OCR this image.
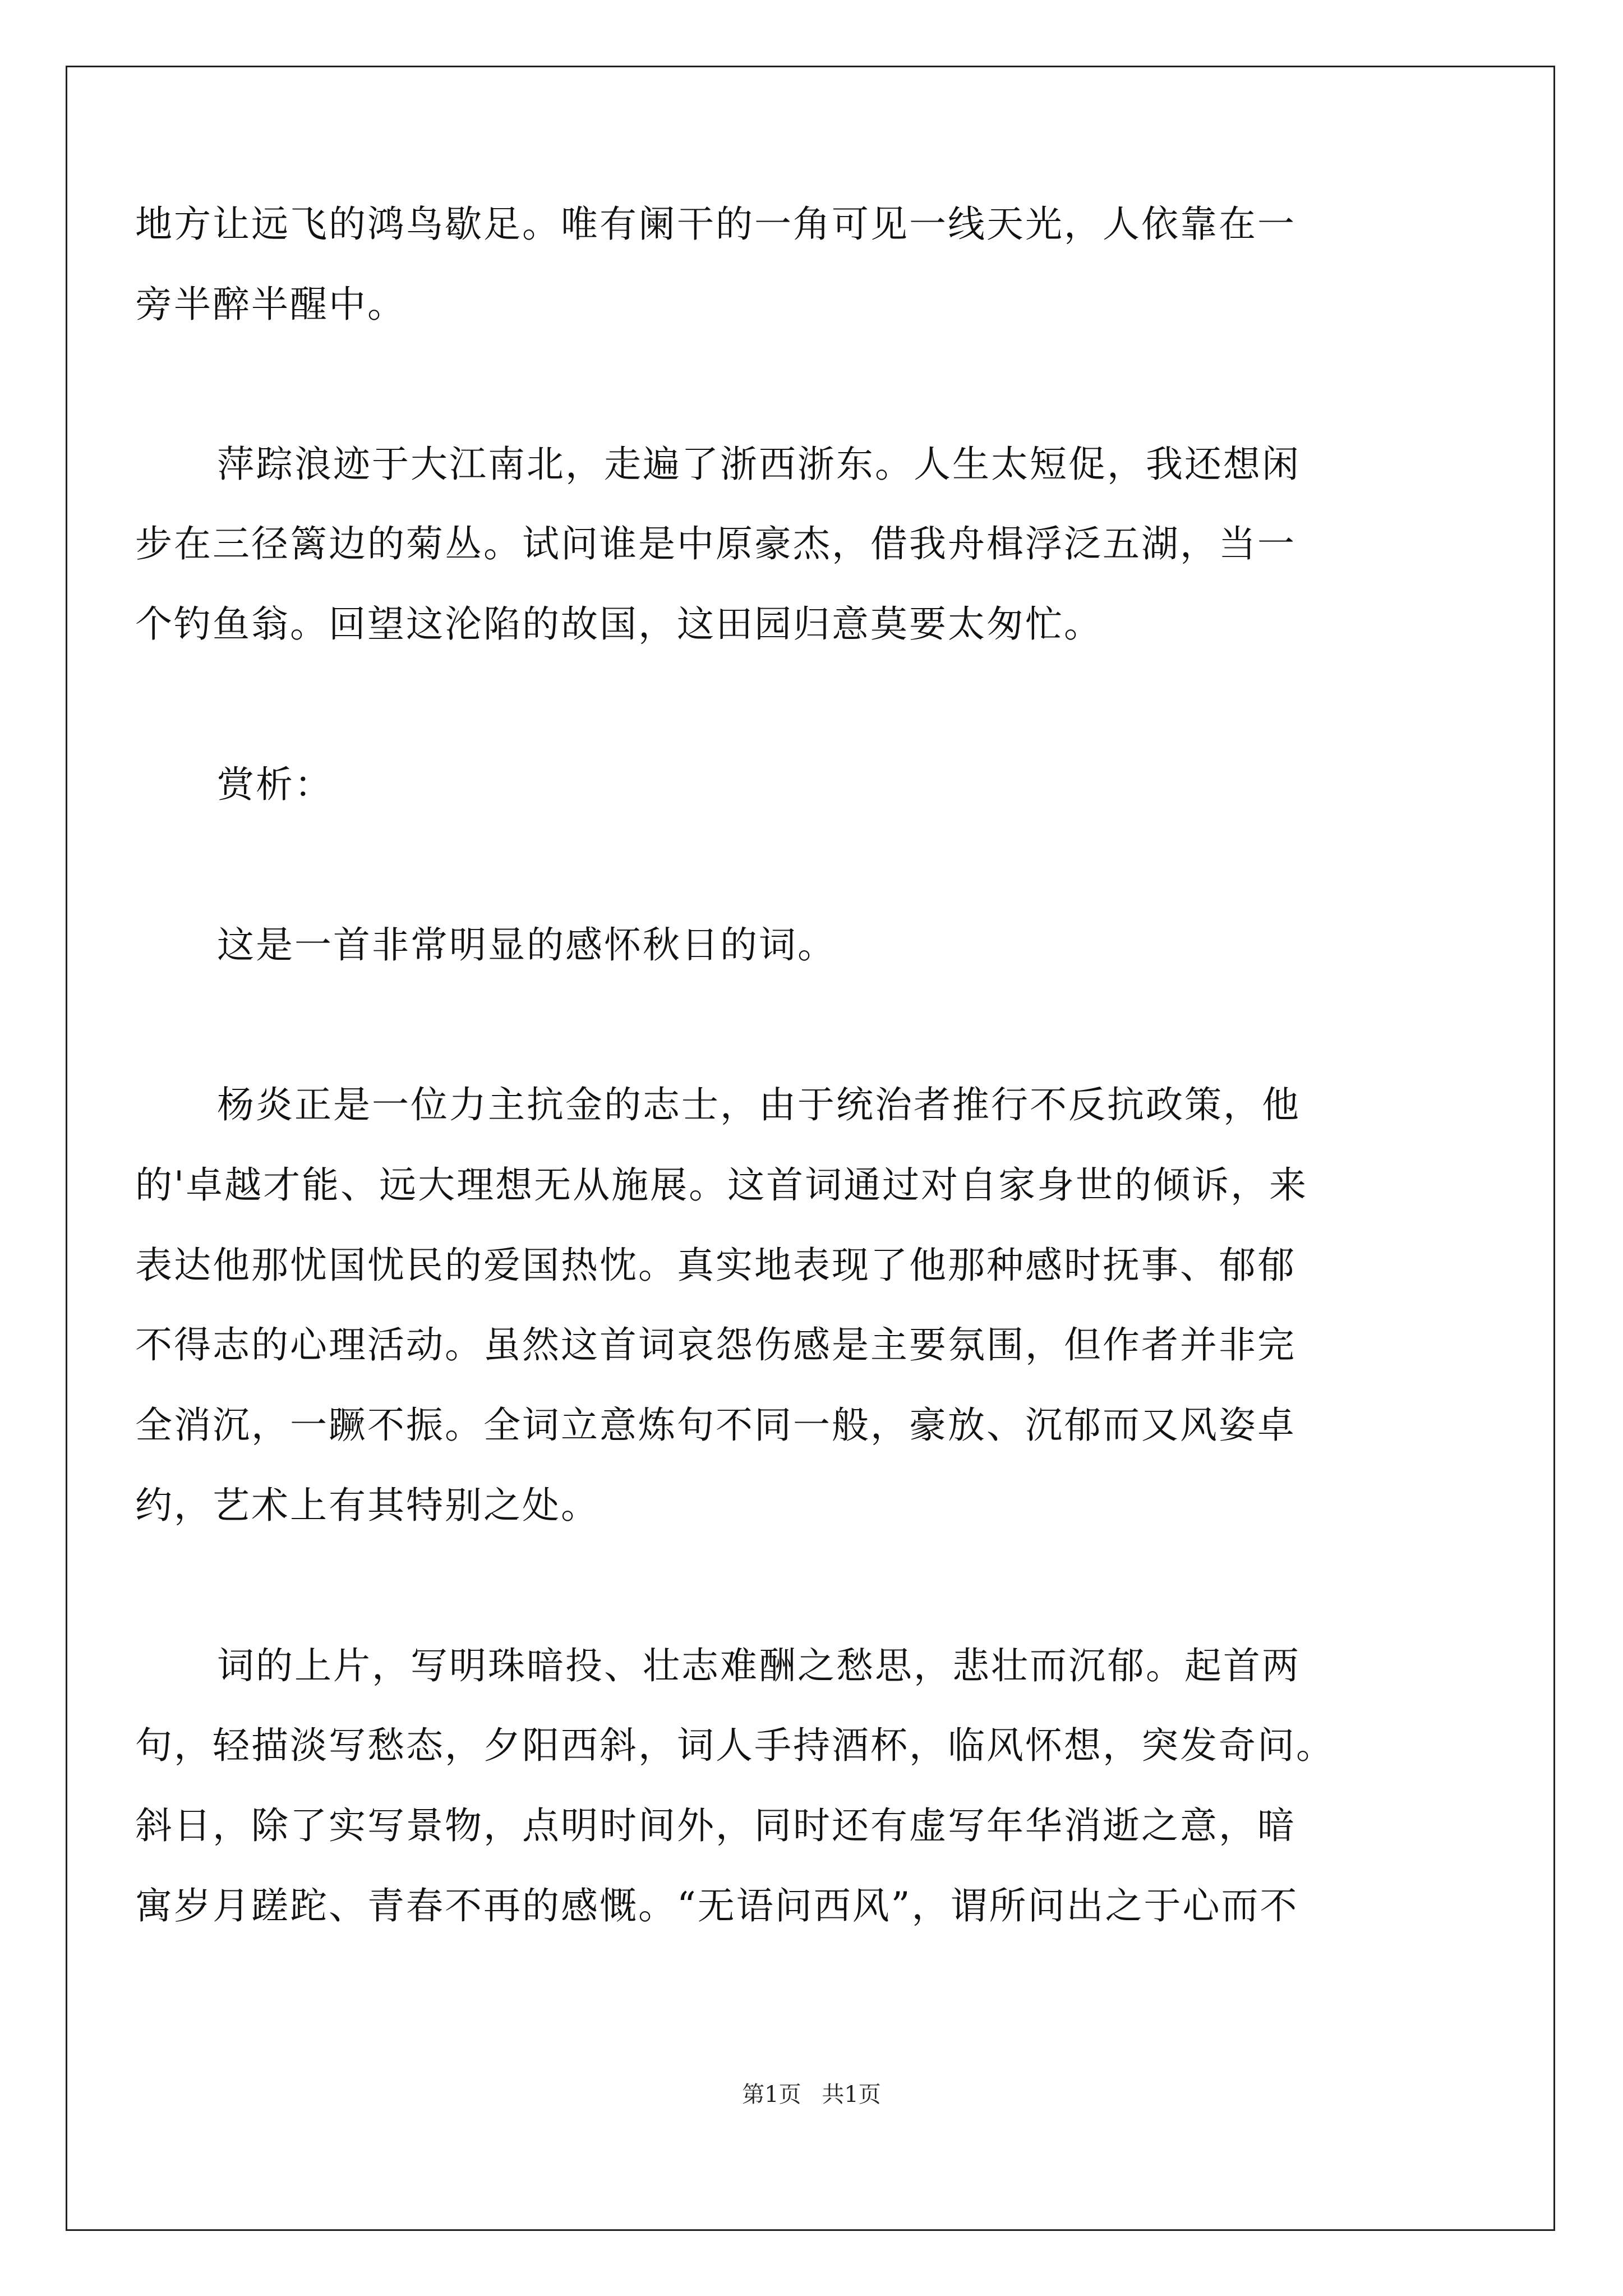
地方让远飞的鸿鸟歇足。唯有阑干的一角可见一线天光，人依靠在一
旁半醉半醒中。
萍踪浪迹于大江南北，走遍了浙西浙东。人生太短促，我还想闲
步在三径篱边的菊丛。试问谁是中原豪杰，借我舟楫浮泛五湖，当一
个钓鱼翁。回望这沦陷的故国，这田园归意莫要太匆忙。
赏析：
这是一首非常明显的感怀秋日的词。
杨炎正是一位力主抗金的志士，由于统治者推行不反抗政策，他
的'卓越才能、远大理想无从施展。这首词通过对自家身世的倾诉，来
表达他那忧国忧民的爱国热忱。真实地表现了他那种感时抚事、郁郁
不得志的心理活动。虽然这首词哀怨伤感是主要氛围，但作者并非完
全消沉，一蹶不振。全词立意炼句不同一般，豪放、沉郁而又风姿卓
约，艺术上有其特别之处。
词的上片，写明珠暗投、壮志难酬之愁思，悲壮而沉郁。起首两
句，轻描淡写愁态，夕阳西斜，词人手持酒杯，临风怀想，突发奇问。
斜日，除了实写景物，点明时间外，同时还有虚写年华消逝之意，暗
寓岁月蹉跎、青春不再的感慨。“无语问西风”，谓所问出之于心而不
第1页 共1页
